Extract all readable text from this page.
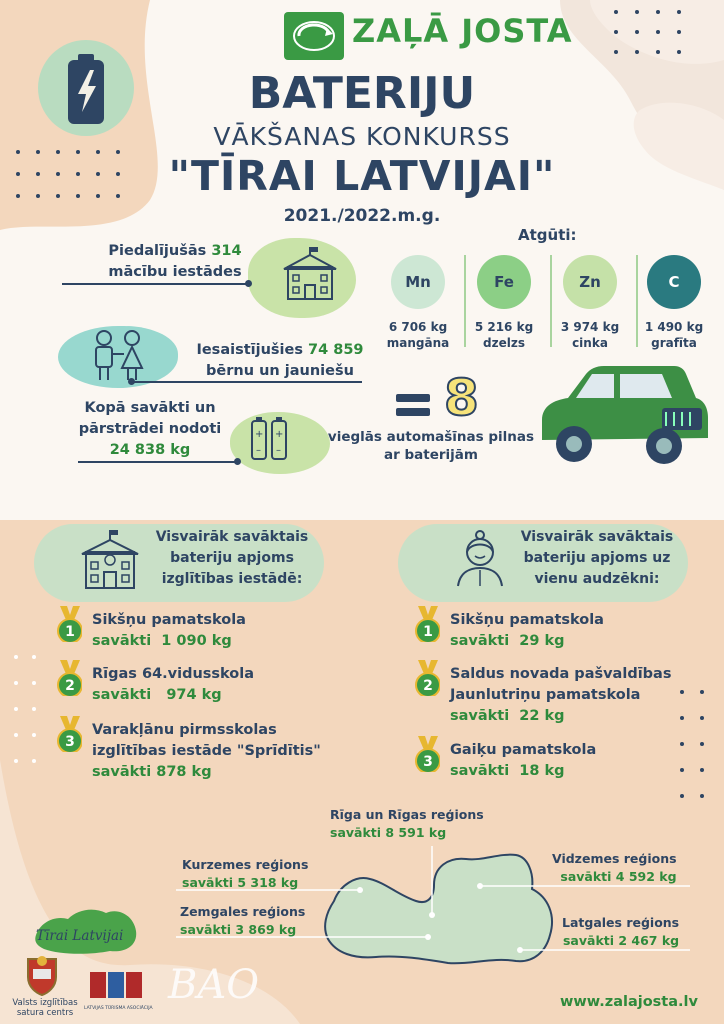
ZAĻĀ JOSTA
BATERIJU
VĀKŠANAS KONKURSS
"TĪRAI LATVIJAI"
2021./2022.m.g.
Piedalījušās 314
mācību iestādes
Iesaistījušies 74 859
bērnu un jauniešu
+ +
– –
Kopā savākti un
pārstrādei nodoti
24 838 kg
Atgūti:
Mn
6 706 kg
mangāna
Fe
5 216 kg
dzelzs
Zn
3 974 kg
cinka
C
1 490 kg
grafīta
8
vieglās automašīnas pilnas
ar baterijām
Visvairāk savāktais
bateriju apjoms
izglītības iestādē:
Visvairāk savāktais
bateriju apjoms uz
vienu audzēkni:
1
Sikšņu pamatskola
savākti  1 090 kg
2
Rīgas 64.vidusskola
savākti   974 kg
3
Varakļānu pirmsskolas
izglītības iestāde "Sprīdītis"
savākti 878 kg
1
Sikšņu pamatskola
savākti  29 kg
2
Saldus novada pašvaldības
Jaunlutriņu pamatskola
savākti  22 kg
3
Gaiķu pamatskola
savākti  18 kg
Rīga un Rīgas reģions
savākti 8 591 kg
Kurzemes reģions
savākti 5 318 kg
Zemgales reģions
savākti 3 869 kg
Vidzemes reģions
savākti 4 592 kg
Latgales reģions
savākti 2 467 kg
Tīrai Latvijai
Valsts izglītības
satura centrs	LATVIJAS TŪRISMA ASOCIĀCIJA
BAO	www.zalajosta.lv
